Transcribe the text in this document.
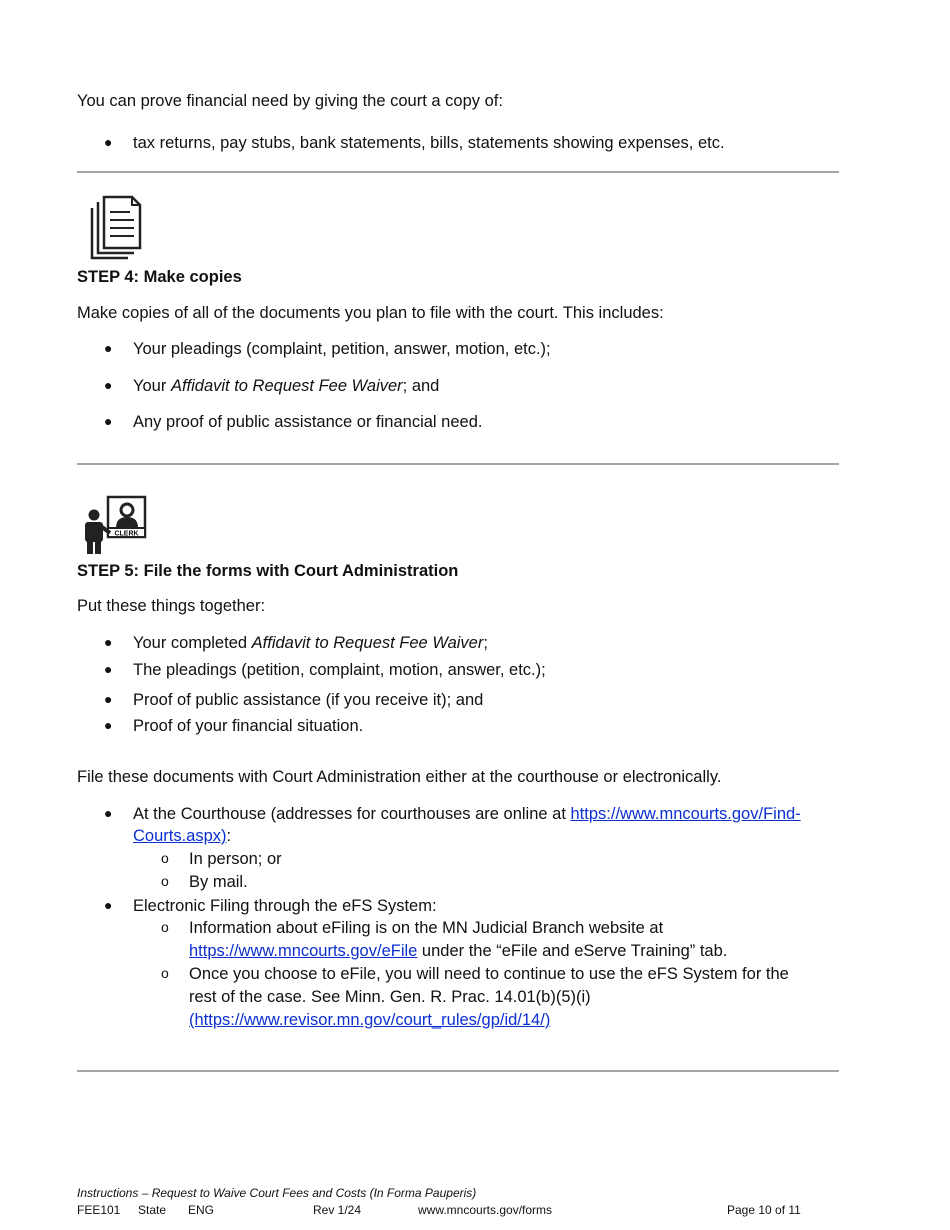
You can prove financial need by giving the court a copy of:
● tax returns, pay stubs, bank statements, bills, statements showing expenses, etc.
STEP 4: Make copies
Make copies of all of the documents you plan to file with the court. This includes:
● Your pleadings (complaint, petition, answer, motion, etc.);
● Your Affidavit to Request Fee Waiver; and
● Any proof of public assistance or financial need.
CLERK
STEP 5: File the forms with Court Administration
Put these things together:
● Your completed Affidavit to Request Fee Waiver;
● The pleadings (petition, complaint, motion, answer, etc.);
● Proof of public assistance (if you receive it); and
● Proof of your financial situation.
File these documents with Court Administration either at the courthouse or electronically.
● At the Courthouse (addresses for courthouses are online at https://www.mncourts.gov/Find-
Courts.aspx):
o In person; or
o By mail.
● Electronic Filing through the eFS System:
o Information about eFiling is on the MN Judicial Branch website at
https://www.mncourts.gov/eFile under the “eFile and eServe Training” tab.
o Once you choose to eFile, you will need to continue to use the eFS System for the
rest of the case. See Minn. Gen. R. Prac. 14.01(b)(5)(i)
(https://www.revisor.mn.gov/court_rules/gp/id/14/)
Instructions – Request to Waive Court Fees and Costs (In Forma Pauperis)
FEE101 State ENG	Rev 1/24	www.mncourts.gov/forms	Page 10 of 11
